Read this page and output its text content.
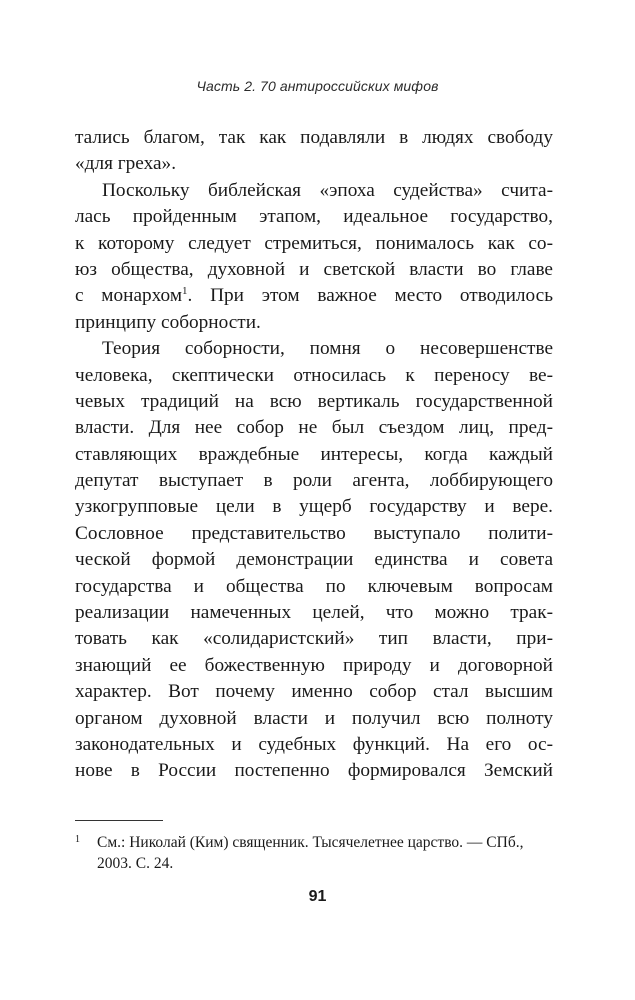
Часть 2. 70 антироссийских мифов
тались благом, так как подавляли в людях свободу
«для греха».
Поскольку библейская «эпоха судейства» счита-
лась пройденным этапом, идеальное государство,
к которому следует стремиться, понималось как со-
юз общества, духовной и светской власти во главе
с монархом$^1$. При этом важное место отводилось
принципу соборности.
Теория соборности, помня о несовершенстве
человека, скептически относилась к переносу ве-
чевых традиций на всю вертикаль государственной
власти. Для нее собор не был съездом лиц, пред-
ставляющих враждебные интересы, когда каждый
депутат выступает в роли агента, лоббирующего
узкогрупповые цели в ущерб государству и вере.
Сословное представительство выступало полити-
ческой формой демонстрации единства и совета
государства и общества по ключевым вопросам
реализации намеченных целей, что можно трак-
товать как «солидаристский» тип власти, при-
знающий ее божественную природу и договорной
характер. Вот почему именно собор стал высшим
органом духовной власти и получил всю полноту
законодательных и судебных функций. На его ос-
нове в России постепенно формировался Земский
1	См.: Николай (Ким) священник. Тысячелетнее царство. — СПб.,
2003. С. 24.
91
